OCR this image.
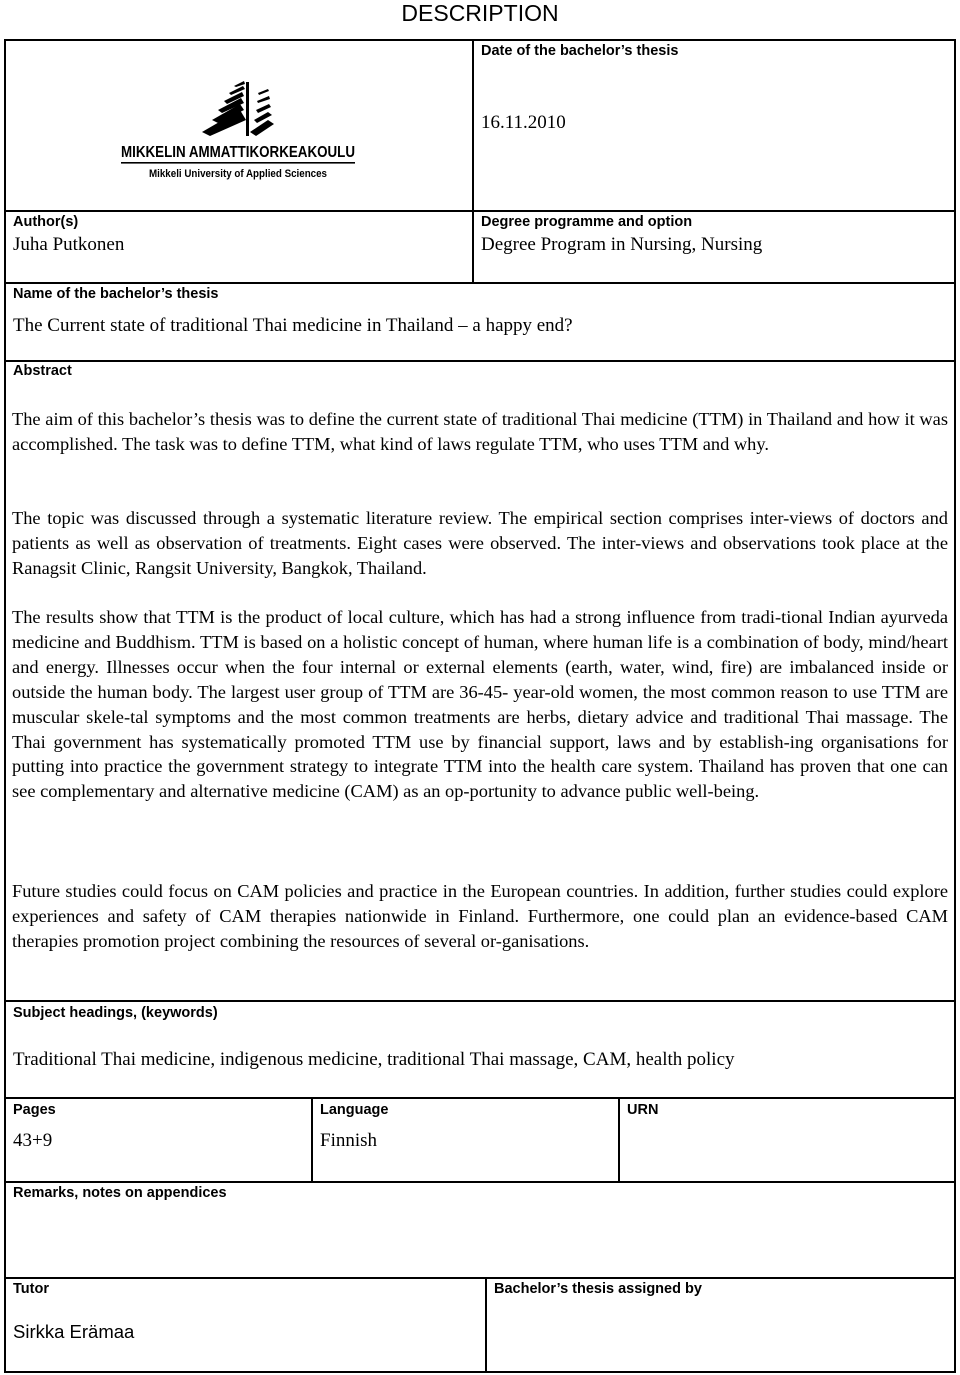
DESCRIPTION
MIKKELIN AMMATTIKORKEAKOULU
Mikkeli University of Applied Sciences
Date of the bachelor’s thesis
16.11.2010
Author(s)
Juha Putkonen
Degree programme and option
Degree Program in Nursing, Nursing
Name of the bachelor’s thesis
The Current state of traditional Thai medicine in Thailand – a happy end?
Abstract

The aim of this bachelor’s thesis was to define the current state of traditional Thai medicine (TTM) in Thailand and how it was accomplished. The task was to define TTM, what kind of laws regulate TTM, who uses TTM and why.

The topic was discussed through a systematic literature review. The empirical section comprises inter-views of doctors and patients as well as observation of treatments. Eight cases were observed. The inter-views and observations took place at the Ranagsit Clinic, Rangsit University, Bangkok, Thailand.

The results show that TTM is the product of local culture, which has had a strong influence from tradi-tional Indian ayurveda medicine and Buddhism. TTM is based on a holistic concept of human, where human life is a combination of body, mind/heart and energy. Illnesses occur when the four internal or external elements (earth, water, wind, fire) are imbalanced inside or outside the human body. The largest user group of TTM are 36-45- year-old women, the most common reason to use TTM are muscular skele-tal symptoms and the most common treatments are herbs, dietary advice and traditional Thai massage. The Thai government has systematically promoted TTM use by financial support, laws and by establish-ing organisations for putting into practice the government strategy to integrate TTM into the health care system. Thailand has proven that one can see complementary and alternative medicine (CAM) as an op-portunity to advance public well-being.

Future studies could focus on CAM policies and practice in the European countries. In addition, further studies could explore experiences and safety of CAM therapies nationwide in Finland. Furthermore, one could plan an evidence-based CAM therapies promotion project combining the resources of several or-ganisations.

Subject headings, (keywords)
Traditional Thai medicine, indigenous medicine, traditional Thai massage, CAM, health policy
Pages
43+9
Language
Finnish
URN
Remarks, notes on appendices
Tutor
Sirkka Erämaa
Bachelor’s thesis assigned by
